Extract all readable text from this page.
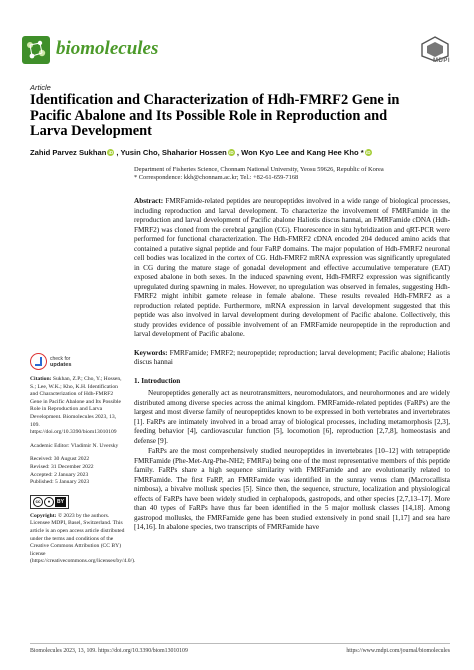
biomolecules
MDPI
Article
Identification and Characterization of Hdh-FMRF2 Gene in
Pacific Abalone and Its Possible Role in Reproduction and
Larva Development
Zahid Parvez Sukhan iD , Yusin Cho, Shaharior Hossen iD , Won Kyo Lee and Kang Hee Kho * iD
Department of Fisheries Science, Chonnam National University, Yeosu 59626, Republic of Korea
* Correspondence: kkh@chonnam.ac.kr; Tel.: +82-61-659-7168

Abstract: FMRFamide-related peptides are neuropeptides involved in a wide range of biological processes, including reproduction and larval development. To characterize the involvement of FMRFamide in the reproduction and larval development of Pacific abalone Haliotis discus hannai, an FMRFamide cDNA (Hdh-FMRF2) was cloned from the cerebral ganglion (CG). Fluorescence in situ hybridization and qRT-PCR were performed for functional characterization. The Hdh-FMRF2 cDNA encoded 204 deduced amino acids that contained a putative signal peptide and four FaRP domains. The major population of Hdh-FMRF2 neuronal cell bodies was localized in the cortex of CG. Hdh-FMRF2 mRNA expression was significantly upregulated in CG during the mature stage of gonadal development and effective accumulative temperature (EAT) exposed abalone in both sexes. In the induced spawning event, Hdh-FMRF2 expression was significantly upregulated during spawning in males. However, no upregulation was observed in females, suggesting Hdh-FMRF2 might inhibit gamete release in female abalone. These results revealed Hdh-FMRF2 as a reproduction related peptide. Furthermore, mRNA expression in larval development suggested that this peptide was also involved in larval development during development of Pacific abalone. Collectively, this study provides evidence of possible involvement of an FMRFamide neuropeptide in the reproduction and larval development of Pacific abalone.

Keywords: FMRFamide; FMRF2; neuropeptide; reproduction; larval development; Pacific abalone; Haliotis discus hannai

1. Introduction

Neuropeptides generally act as neurotransmitters, neuromodulators, and neurohormones and are widely distributed among diverse species across the animal kingdom. FMRFamide-related peptides (FaRPs) are the largest and most diverse family of neuropeptides known to be expressed in both vertebrates and invertebrates [1]. FaRPs are intimately involved in a broad array of biological processes, including metamorphosis [2,3], feeding behavior [4], cardiovascular function [5], locomotion [6], reproduction [2,7,8], homeostasis and defense [9].

FaRPs are the most comprehensively studied neuropeptides in invertebrates [10–12] with tetrapeptide FMRFamide (Phe-Met-Arg-Phe-NH2; FMRFa) being one of the most representative members of this peptide family. FaRPs share a high sequence similarity with FMRFamide and are evolutionarily related to FMRFamide. The first FaRP, an FMRFamide was identified in the sunray venus clam (Macrocallista nimbosa), a bivalve mollusk species [5]. Since then, the sequence, structure, localization and physiological effects of FaRPs have been widely studied in cephalopods, gastropods, and other species [2,7,13–17]. More than 40 types of FaRPs have thus far been identified in the 5 major mollusk classes [14,18]. Among gastropod mollusks, the FMRFamide gene has been studied extensively in pond snail [1,17] and sea hare [14,16]. In abalone species, two transcripts of FMRFamide have

check for
updates
Citation: Sukhan, Z.P.; Cho, Y.; Hossen, S.; Lee, W.K.; Kho, K.H. Identification and Characterization of Hdh-FMRF2 Gene in Pacific Abalone and Its Possible Role in Reproduction and Larva Development. Biomolecules 2023, 13, 109. https://doi.org/10.3390/biom13010109
Academic Editor: Vladimir N. Uversky
Received: 30 August 2022
Revised: 31 December 2022
Accepted: 2 January 2023
Published: 5 January 2023
cc	●	BY
Copyright: © 2023 by the authors. Licensee MDPI, Basel, Switzerland. This article is an open access article distributed under the terms and conditions of the Creative Commons Attribution (CC BY) license (https://creativecommons.org/licenses/by/4.0/).
Biomolecules 2023, 13, 109. https://doi.org/10.3390/biom13010109	https://www.mdpi.com/journal/biomolecules
